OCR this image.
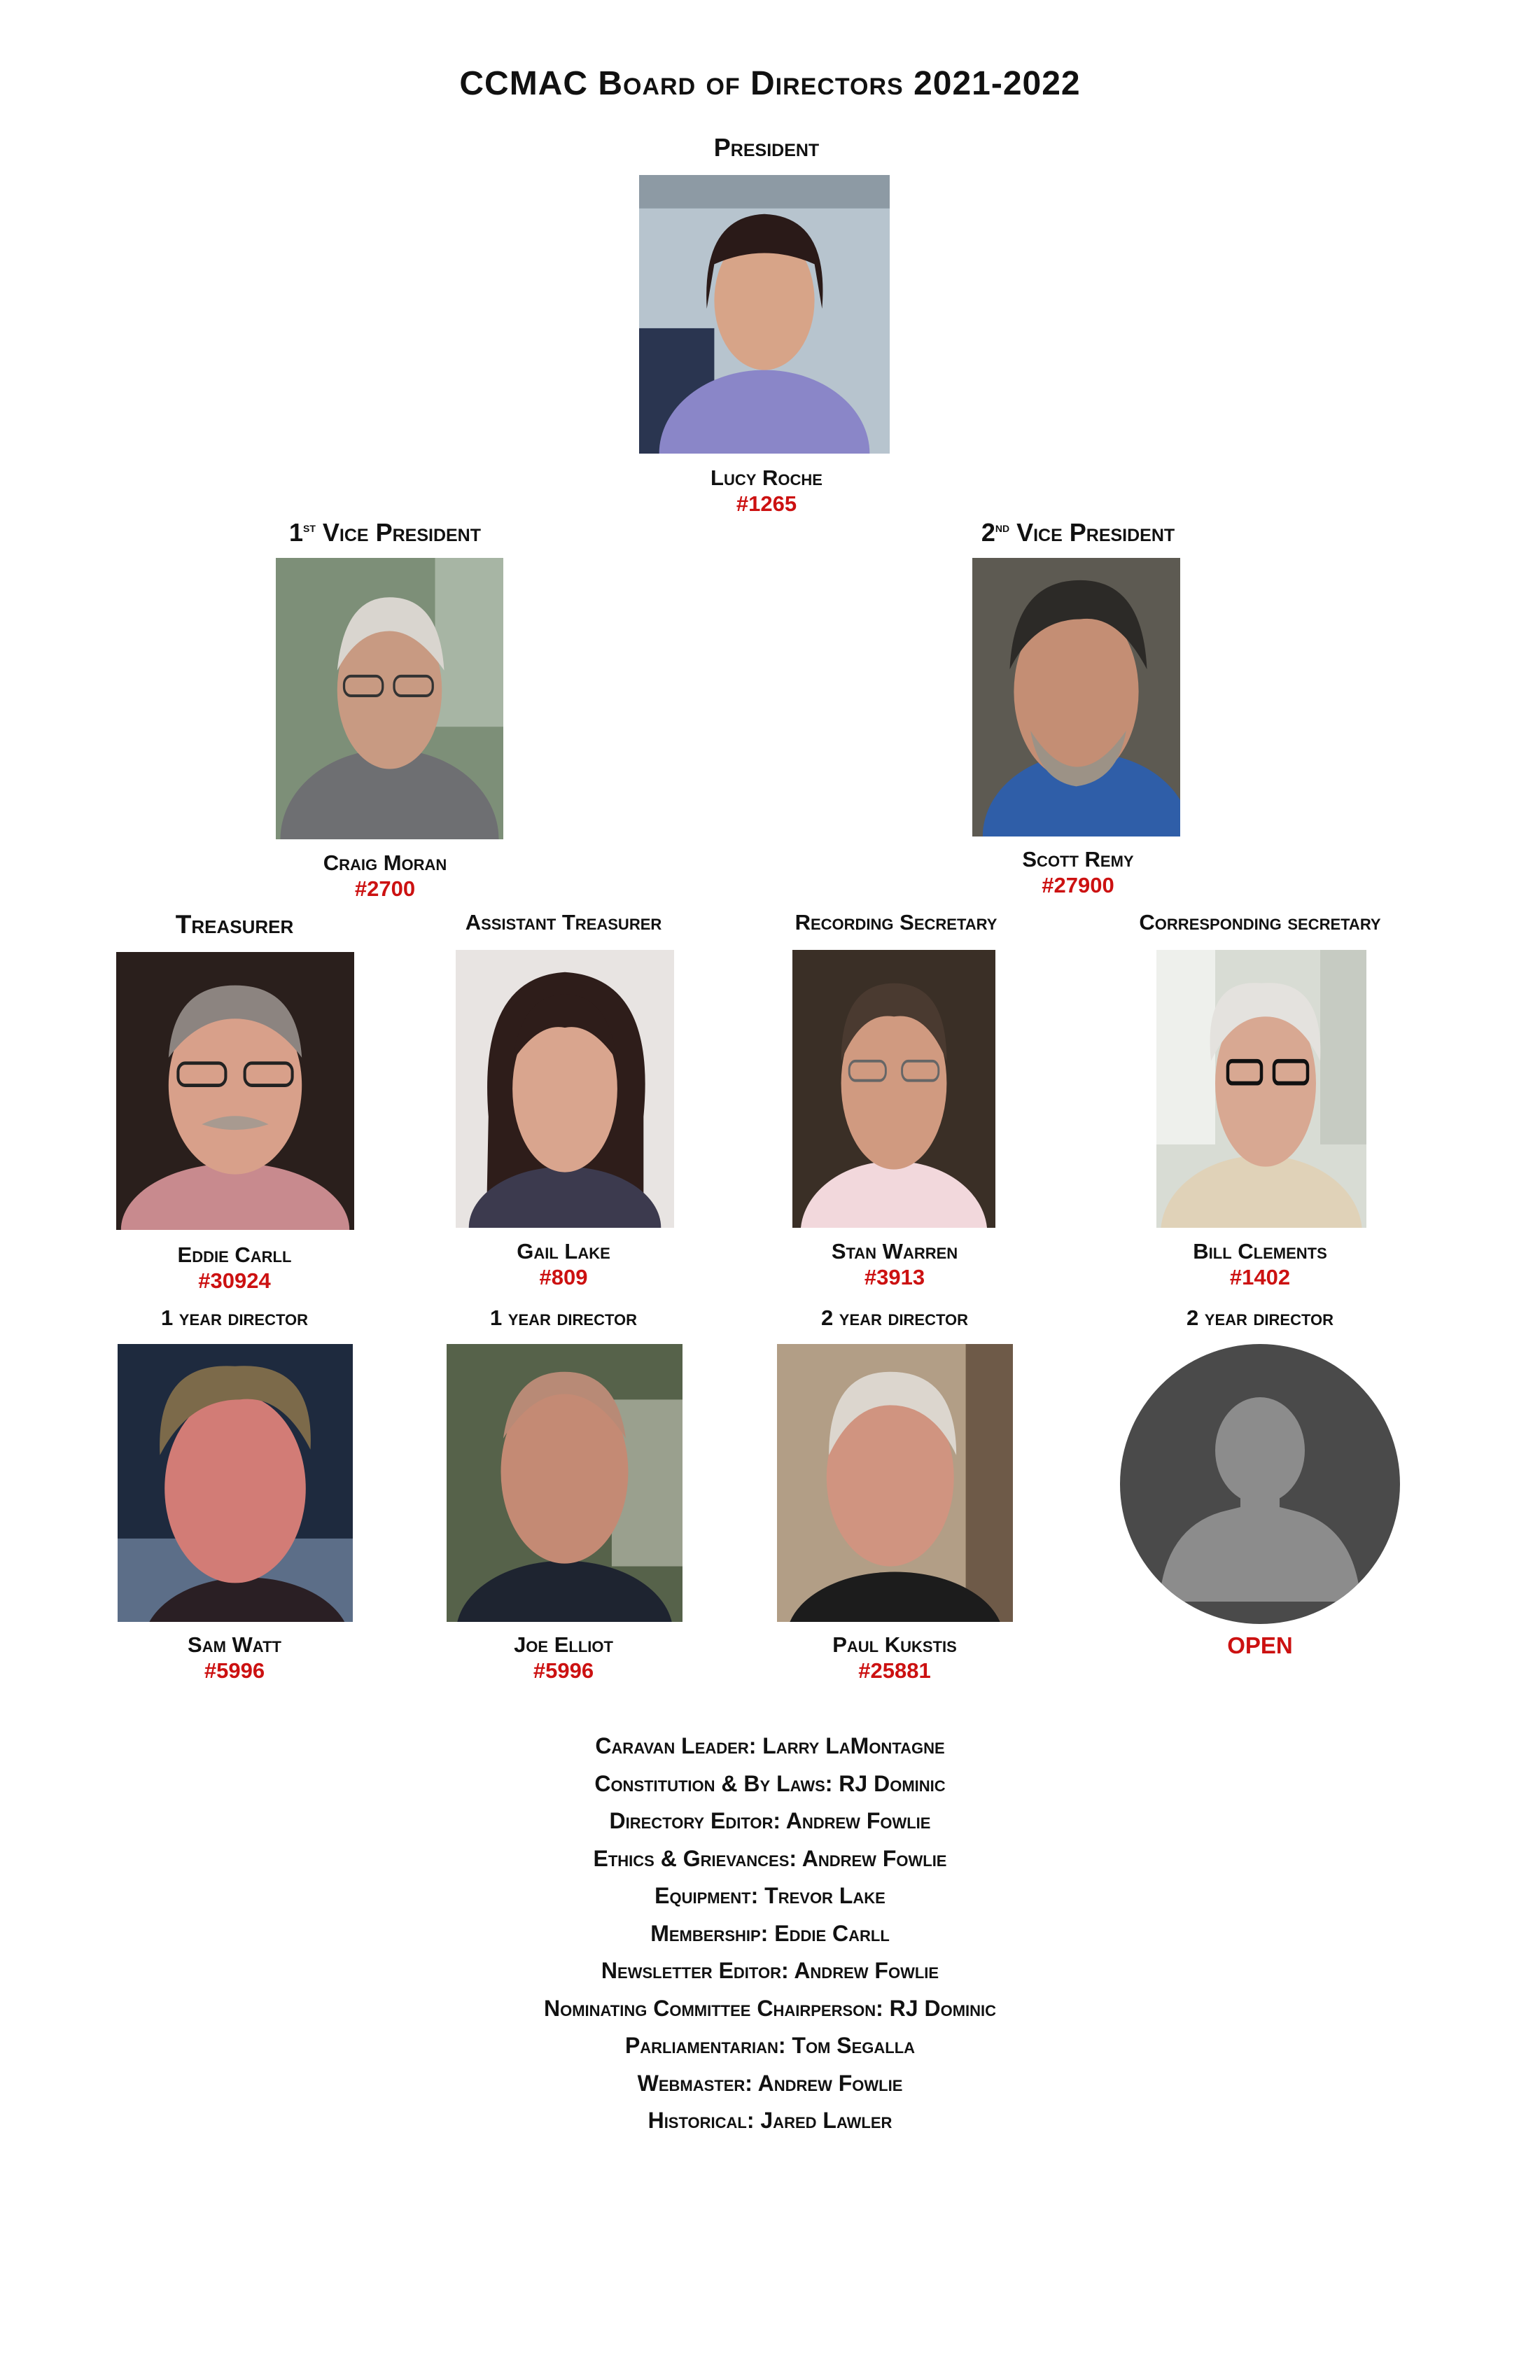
CCMAC Board of Directors 2021-2022
President
Lucy Roche
#1265
1st Vice President
Craig Moran
#2700
2nd Vice President
Scott Remy
#27900
Treasurer	Assistant Treasurer	Recording Secretary	Corresponding secretary
Eddie Carll
#30924
Gail Lake
#809
Stan Warren
#3913
Bill Clements
#1402
1 year director	1 year director	2 year director	2 year director
Sam Watt
#5996
Joe Elliot
#5996
Paul Kukstis
#25881
OPEN
Caravan Leader: Larry LaMontagne
Constitution & By Laws: RJ Dominic
Directory Editor: Andrew Fowlie
Ethics & Grievances: Andrew Fowlie
Equipment: Trevor Lake
Membership: Eddie Carll
Newsletter Editor: Andrew Fowlie
Nominating Committee Chairperson: RJ Dominic
Parliamentarian: Tom Segalla
Webmaster: Andrew Fowlie
Historical: Jared Lawler
